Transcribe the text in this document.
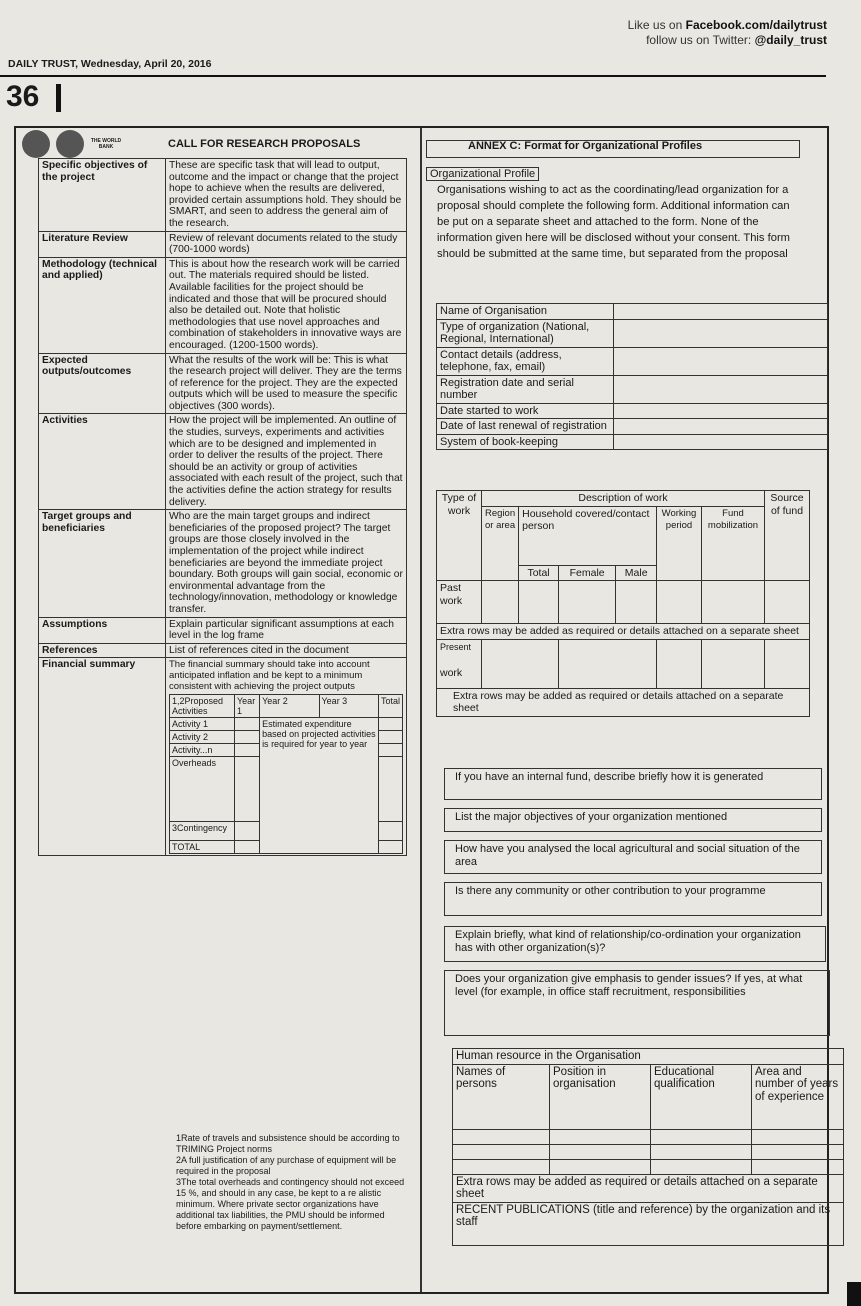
DAILY TRUST, Wednesday, April 20, 2016
36
Like us on Facebook.com/dailytrust
follow us on Twitter: @daily_trust
THE WORLD BANK	CALL FOR RESEARCH PROPOSALS
Specific objectives of the project	These are specific task that will lead to output, outcome and the impact or change that the project hope to achieve when the results are delivered, provided certain assumptions hold. They should be SMART, and seen to address the general aim of the research.
Literature Review	Review of relevant documents related to the study (700-1000 words)
Methodology (technical and applied)	This is about how the research work will be carried out. The materials required should be listed. Available facilities for the project should be indicated and those that will be procured should also be detailed out. Note that holistic methodologies that use novel approaches and combination of stakeholders in innovative ways are encouraged. (1200-1500 words).
Expected outputs/outcomes	What the results of the work will be: This is what the research project will deliver. They are the terms of reference for the project. They are the expected outputs which will be used to measure the specific objectives (300 words).
Activities	How the project will be implemented. An outline of the studies, surveys, experiments and activities which are to be designed and implemented in order to deliver the results of the project. There should be an activity or group of activities associated with each result of the project, such that the activities define the action strategy for results delivery.
Target groups and beneficiaries	Who are the main target groups and indirect beneficiaries of the proposed project? The target groups are those closely involved in the implementation of the project while indirect beneficiaries are beyond the immediate project boundary. Both groups will gain social, economic or environmental advantage from the technology/innovation, methodology or knowledge transfer.
Assumptions	Explain particular significant assumptions at each level in the log frame
References	List of references cited in the document
Financial summary	The financial summary should take into account anticipated inflation and be kept to a minimum consistent with achieving the project outputs
1,2Proposed Activities	Year 1	Year 2	Year 3	Total
Activity 1		Estimated expenditure based on projected activities is required for year to year	
Activity 2		
Activity...n		
Overheads		
3Contingency		
TOTAL		
1Rate of travels and subsistence should be according to TRIMING Project norms
2A full justification of any purchase of equipment will be required in the proposal
3The total overheads and contingency should not exceed 15 %, and should in any case, be kept to a re alistic minimum. Where private sector organizations have additional tax liabilities, the PMU should be informed before embarking on payment/settlement.
ANNEX C: Format for Organizational Profiles
Organizational Profile
Organisations wishing to act as the coordinating/lead organization for a proposal should complete the following form. Additional information can be put on a separate sheet and attached to the form. None of the information given here will be disclosed without your consent. This form should be submitted at the same time, but separated from the proposal
Name of Organisation	
Type of organization (National, Regional, International)	
Contact details (address, telephone, fax, email)	
Registration date and serial number	
Date started to work	
Date of last renewal of registration	
System of book-keeping	
Type of work	Description of work						Source of fund
	Region or area	Household covered/contact person			Working period	Fund mobilization	
		Total	Female	Male			
Past work							
Extra rows may be added as required or details attached on a separate sheet							

Present
work							

Extra rows may be added as required or details attached on a separate sheet							
If you have an internal fund, describe briefly how it is generated
List the major objectives of your organization mentioned
How have you analysed the local agricultural and social situation of the area
Is there any community or other contribution to your programme
Explain briefly, what kind of relationship/co-ordination your organization has with other organization(s)?
Does your organization give emphasis to gender issues? If yes, at what level (for example, in office staff recruitment, responsibilities
Human resource in the Organisation			
Names of persons	Position in organisation	Educational qualification	Area and number of years of experience

Extra rows may be added as required or details attached on a separate sheet			
RECENT PUBLICATIONS (title and reference) by the organization and its staff			
